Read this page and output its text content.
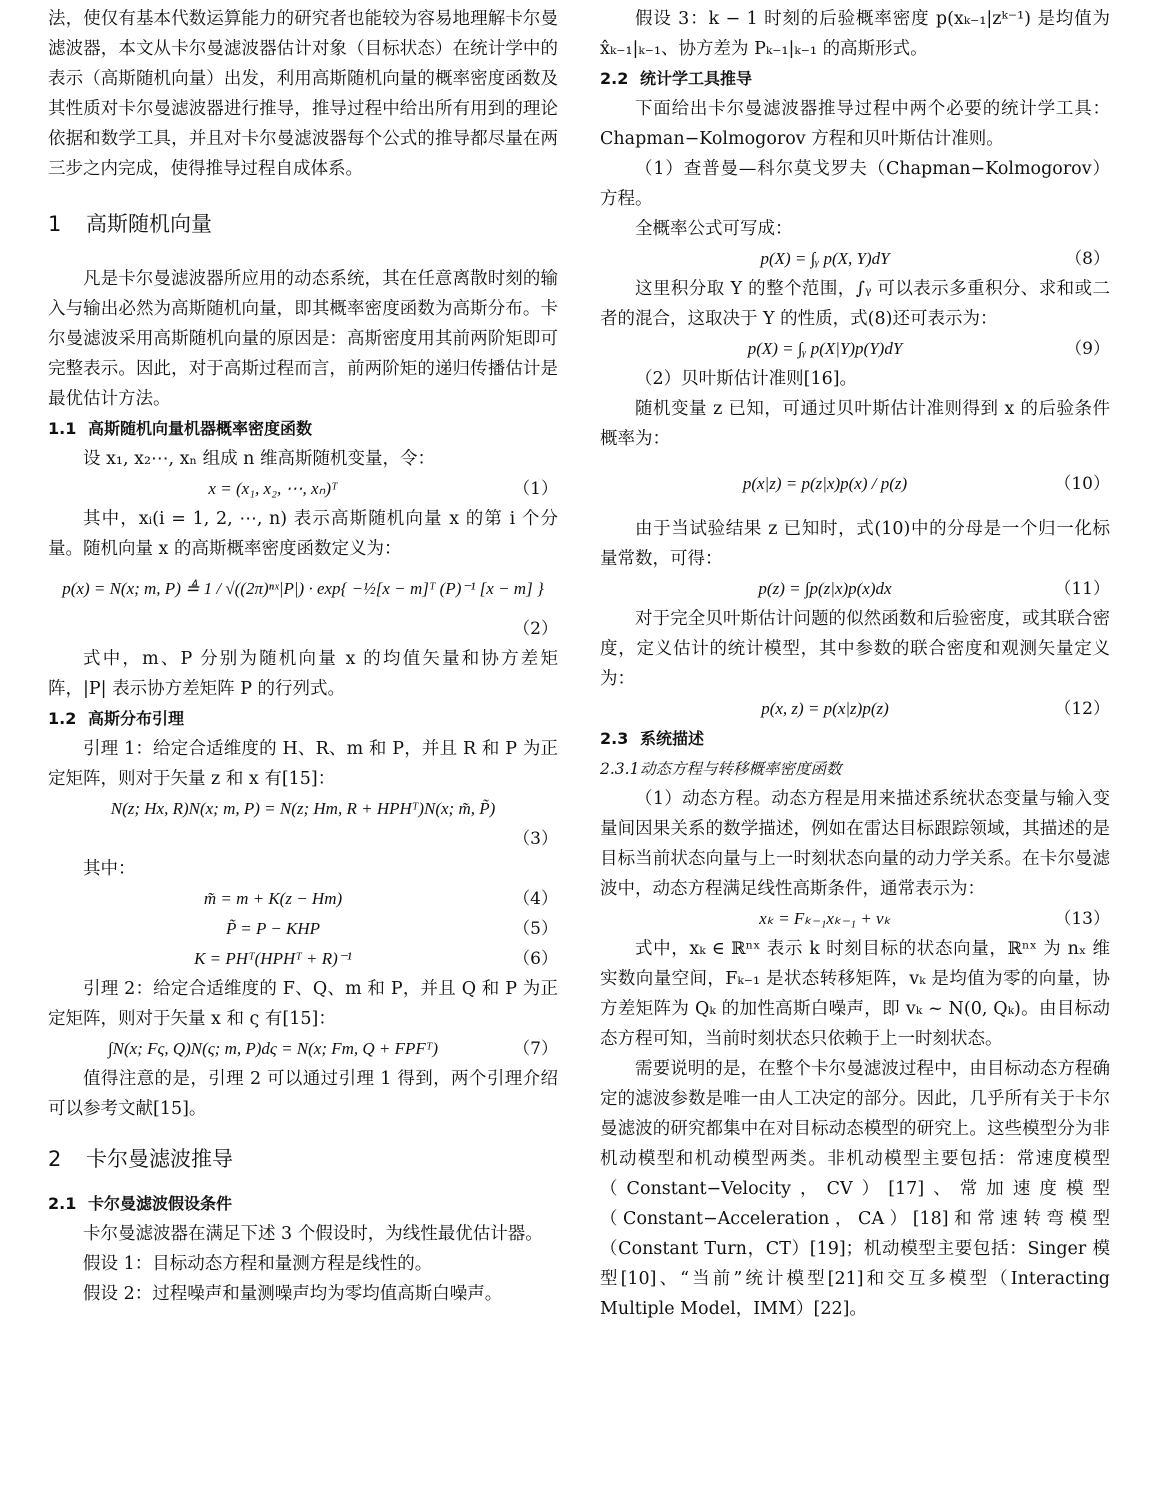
法，使仅有基本代数运算能力的研究者也能较为容易地理解卡尔曼滤波器，本文从卡尔曼滤波器估计对象（目标状态）在统计学中的表示（高斯随机向量）出发，利用高斯随机向量的概率密度函数及其性质对卡尔曼滤波器进行推导，推导过程中给出所有用到的理论依据和数学工具，并且对卡尔曼滤波器每个公式的推导都尽量在两三步之内完成，使得推导过程自成体系。

1 高斯随机向量

凡是卡尔曼滤波器所应用的动态系统，其在任意离散时刻的输入与输出必然为高斯随机向量，即其概率密度函数为高斯分布。卡尔曼滤波采用高斯随机向量的原因是：高斯密度用其前两阶矩即可完整表示。因此，对于高斯过程而言，前两阶矩的递归传播估计是最优估计方法。

1.1 高斯随机向量机器概率密度函数

设 x₁, x₂⋯, xₙ 组成 n 维高斯随机变量，令：

x = (x₁, x₂, ⋯, xₙ)ᵀ	（1）

其中，xᵢ(i = 1, 2, ⋯, n) 表示高斯随机向量 x 的第 i 个分量。随机向量 x 的高斯概率密度函数定义为：

p(x) = N(x; m, P) ≜ 1 / √((2π)ⁿˣ|P|) · exp{ −½[x − m]ᵀ (P)⁻¹ [x − m] }
（2）

式中，m、P 分别为随机向量 x 的均值矢量和协方差矩阵，|P| 表示协方差矩阵 P 的行列式。

1.2 高斯分布引理

引理 1：给定合适维度的 H、R、m 和 P，并且 R 和 P 为正定矩阵，则对于矢量 z 和 x 有[15]：

N(z; Hx, R)N(x; m, P) = N(z; Hm, R + HPHᵀ)N(x; m̃, P̃)
（3）

其中：

m̃ = m + K(z − Hm)	（4）
P̃ = P − KHP	（5）
K = PHᵀ(HPHᵀ + R)⁻¹	（6）

引理 2：给定合适维度的 F、Q、m 和 P，并且 Q 和 P 为正定矩阵，则对于矢量 x 和 ς 有[15]：

∫N(x; Fς, Q)N(ς; m, P)dς = N(x; Fm, Q + FPFᵀ)	（7）

值得注意的是，引理 2 可以通过引理 1 得到，两个引理介绍可以参考文献[15]。

2 卡尔曼滤波推导
2.1 卡尔曼滤波假设条件

卡尔曼滤波器在满足下述 3 个假设时，为线性最优估计器。

假设 1：目标动态方程和量测方程是线性的。

假设 2：过程噪声和量测噪声均为零均值高斯白噪声。

假设 3：k − 1 时刻的后验概率密度 p(xₖ₋₁|zᵏ⁻¹) 是均值为 x̂ₖ₋₁|ₖ₋₁、协方差为 Pₖ₋₁|ₖ₋₁ 的高斯形式。

2.2 统计学工具推导

下面给出卡尔曼滤波器推导过程中两个必要的统计学工具：Chapman−Kolmogorov 方程和贝叶斯估计准则。

（1）查普曼—科尔莫戈罗夫（Chapman−Kolmogorov）方程。

全概率公式可写成：

p(X) = ∫ᵧ p(X, Y)dY	（8）

这里积分取 Y 的整个范围，∫ᵧ 可以表示多重积分、求和或二者的混合，这取决于 Y 的性质，式(8)还可表示为：

p(X) = ∫ᵧ p(X|Y)p(Y)dY	（9）

（2）贝叶斯估计准则[16]。

随机变量 z 已知，可通过贝叶斯估计准则得到 x 的后验条件概率为：

p(x|z) = p(z|x)p(x) / p(z)	（10）

由于当试验结果 z 已知时，式(10)中的分母是一个归一化标量常数，可得：

p(z) = ∫p(z|x)p(x)dx	（11）

对于完全贝叶斯估计问题的似然函数和后验密度，或其联合密度，定义估计的统计模型，其中参数的联合密度和观测矢量定义为：

p(x, z) = p(x|z)p(z)	（12）
2.3 系统描述
2.3.1动态方程与转移概率密度函数

（1）动态方程。动态方程是用来描述系统状态变量与输入变量间因果关系的数学描述，例如在雷达目标跟踪领域，其描述的是目标当前状态向量与上一时刻状态向量的动力学关系。在卡尔曼滤波中，动态方程满足线性高斯条件，通常表示为：

xₖ = Fₖ₋₁xₖ₋₁ + vₖ	（13）

式中，xₖ ∈ ℝⁿˣ 表示 k 时刻目标的状态向量，ℝⁿˣ 为 nₓ 维实数向量空间，Fₖ₋₁ 是状态转移矩阵，vₖ 是均值为零的向量，协方差矩阵为 Qₖ 的加性高斯白噪声，即 vₖ ~ N(0, Qₖ)。由目标动态方程可知，当前时刻状态只依赖于上一时刻状态。

需要说明的是，在整个卡尔曼滤波过程中，由目标动态方程确定的滤波参数是唯一由人工决定的部分。因此，几乎所有关于卡尔曼滤波的研究都集中在对目标动态模型的研究上。这些模型分为非机动模型和机动模型两类。非机动模型主要包括：常速度模型（Constant−Velocity，CV）[17]、常加速度模型（Constant−Acceleration，CA）[18]和常速转弯模型（Constant Turn，CT）[19]；机动模型主要包括：Singer 模型[10]、“当前”统计模型[21]和交互多模型（Interacting Multiple Model，IMM）[22]。
